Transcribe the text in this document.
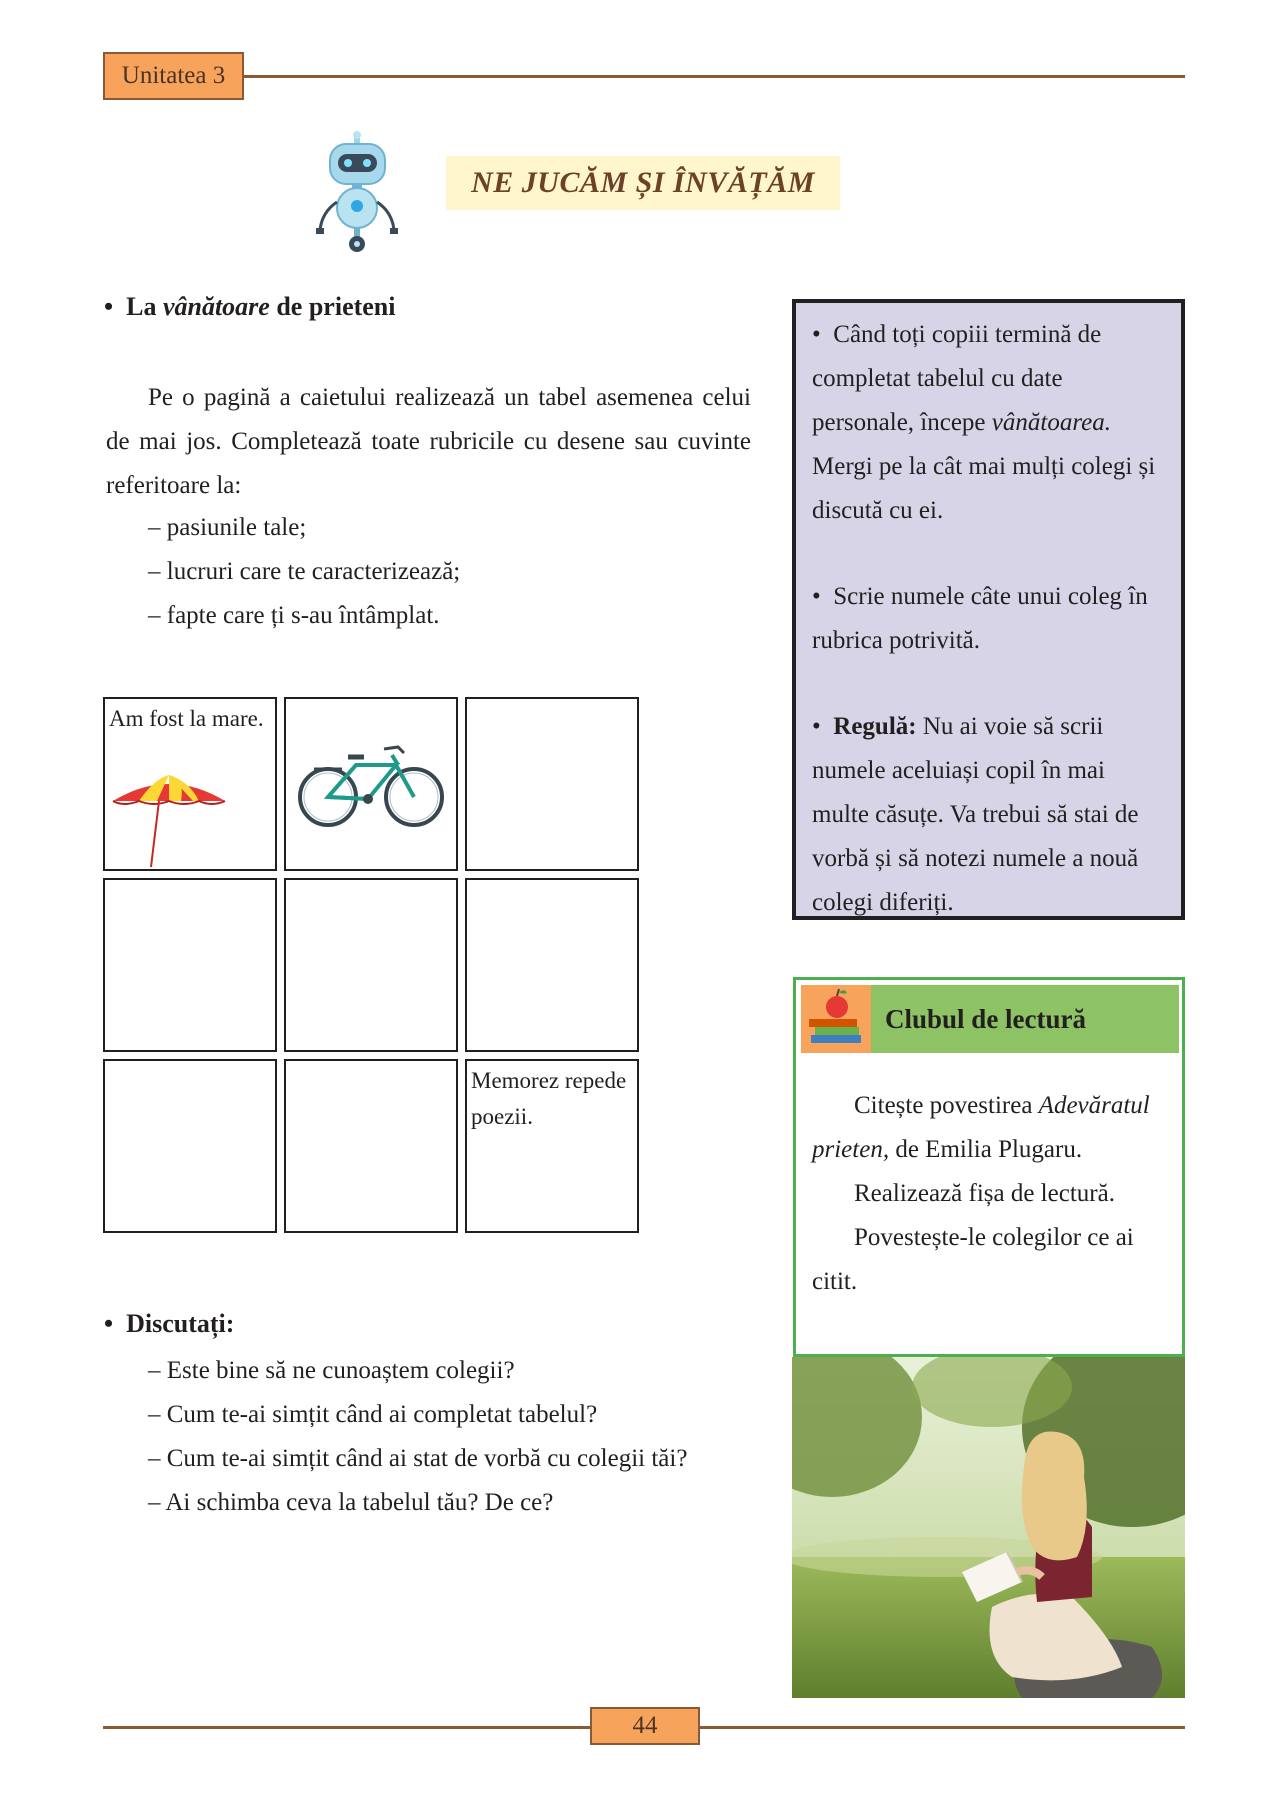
Unitatea 3
NE JUCĂM ȘI ÎNVĂȚĂM
•  La vânătoare de prieteni
Pe o pagină a caietului realizează un tabel asemenea celui de mai jos. Completează toate rubricile cu desene sau cuvinte referitoare la:
– pasiunile tale;
– lucruri care te caracterizează;
– fapte care ți s-au întâmplat.
Am fost la mare.
Memorez repede poezii.
•  Discutați:
– Este bine să ne cunoaștem colegii?
– Cum te-ai simțit când ai completat tabelul?
– Cum te-ai simțit când ai stat de vorbă cu colegii tăi?
– Ai schimba ceva la tabelul tău? De ce?

•  Când toți copiii termină de completat tabelul cu date personale, începe vânătoarea. Mergi pe la cât mai mulți colegi și discută cu ei.

•  Scrie numele câte unui coleg în rubrica potrivită.

•  Regulă: Nu ai voie să scrii numele aceluiași copil în mai multe căsuțe. Va trebui să stai de vorbă și să notezi numele a nouă colegi diferiți.

Clubul de lectură

Citește povestirea Adevăratul prieten, de Emilia Plugaru.

Realizează fișa de lectură.

Povestește-le colegilor ce ai citit.

44
